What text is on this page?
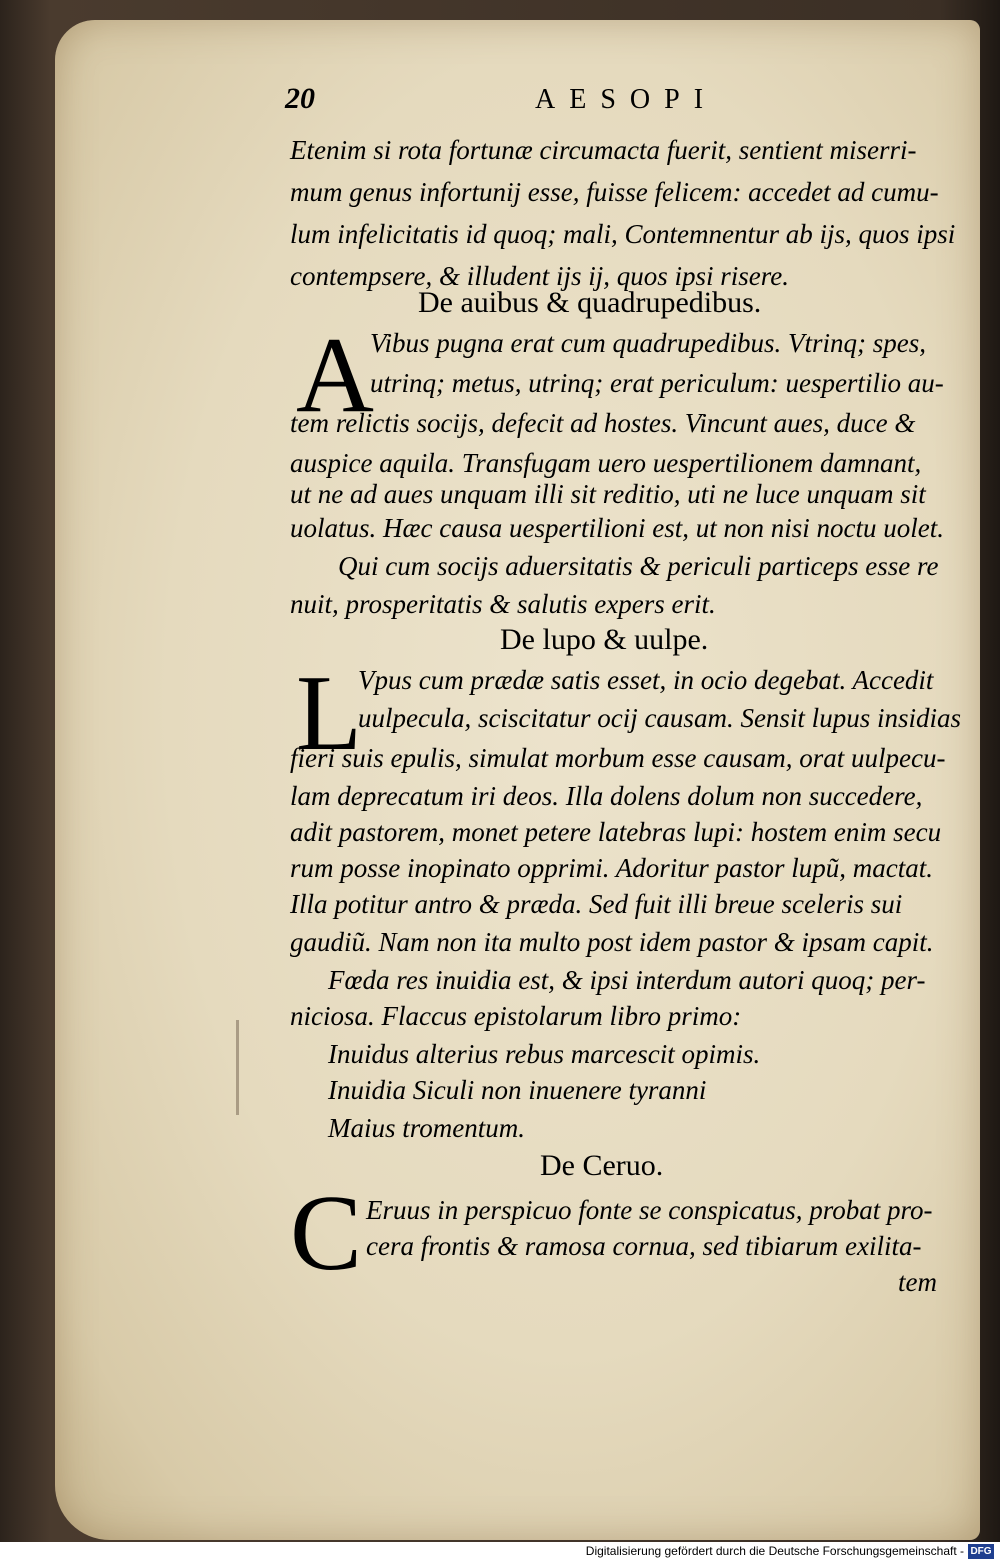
20	AESOPI
Etenim si rota fortunæ circumacta fuerit, sentient miserri-
mum genus infortunij esse, fuisse felicem: accedet ad cumu-
lum infelicitatis id quoq; mali, Contemnentur ab ijs, quos ipsi
contempsere, & illudent ijs ij, quos ipsi risere.
De auibus & quadrupedibus.
A
Vibus pugna erat cum quadrupedibus. Vtrinq; spes,
utrinq; metus, utrinq; erat periculum: uespertilio au-
tem relictis socijs, defecit ad hostes. Vincunt aues, duce &
auspice aquila. Transfugam uero uespertilionem damnant,
ut ne ad aues unquam illi sit reditio, uti ne luce unquam sit
uolatus. Hæc causa uespertilioni est, ut non nisi noctu uolet.
Qui cum socijs aduersitatis & periculi particeps esse re
nuit, prosperitatis & salutis expers erit.
De lupo & uulpe.
L
Vpus cum prædæ satis esset, in ocio degebat. Accedit
uulpecula, sciscitatur ocij causam. Sensit lupus insidias
fieri suis epulis, simulat morbum esse causam, orat uulpecu-
lam deprecatum iri deos. Illa dolens dolum non succedere,
adit pastorem, monet petere latebras lupi: hostem enim secu
rum posse inopinato opprimi. Adoritur pastor lupũ, mactat.
Illa potitur antro & præda. Sed fuit illi breue sceleris sui
gaudiũ. Nam non ita multo post idem pastor & ipsam capit.
Fœda res inuidia est, & ipsi interdum autori quoq; per-
niciosa. Flaccus epistolarum libro primo:
Inuidus alterius rebus marcescit opimis.
Inuidia Siculi non inuenere tyranni
Maius tromentum.
De Ceruo.
C Eruus in perspicuo fonte se conspicatus, probat pro-
cera frontis & ramosa cornua, sed tibiarum exilita-
tem
Digitalisierung gefördert durch die Deutsche Forschungsgemeinschaft - DFG
